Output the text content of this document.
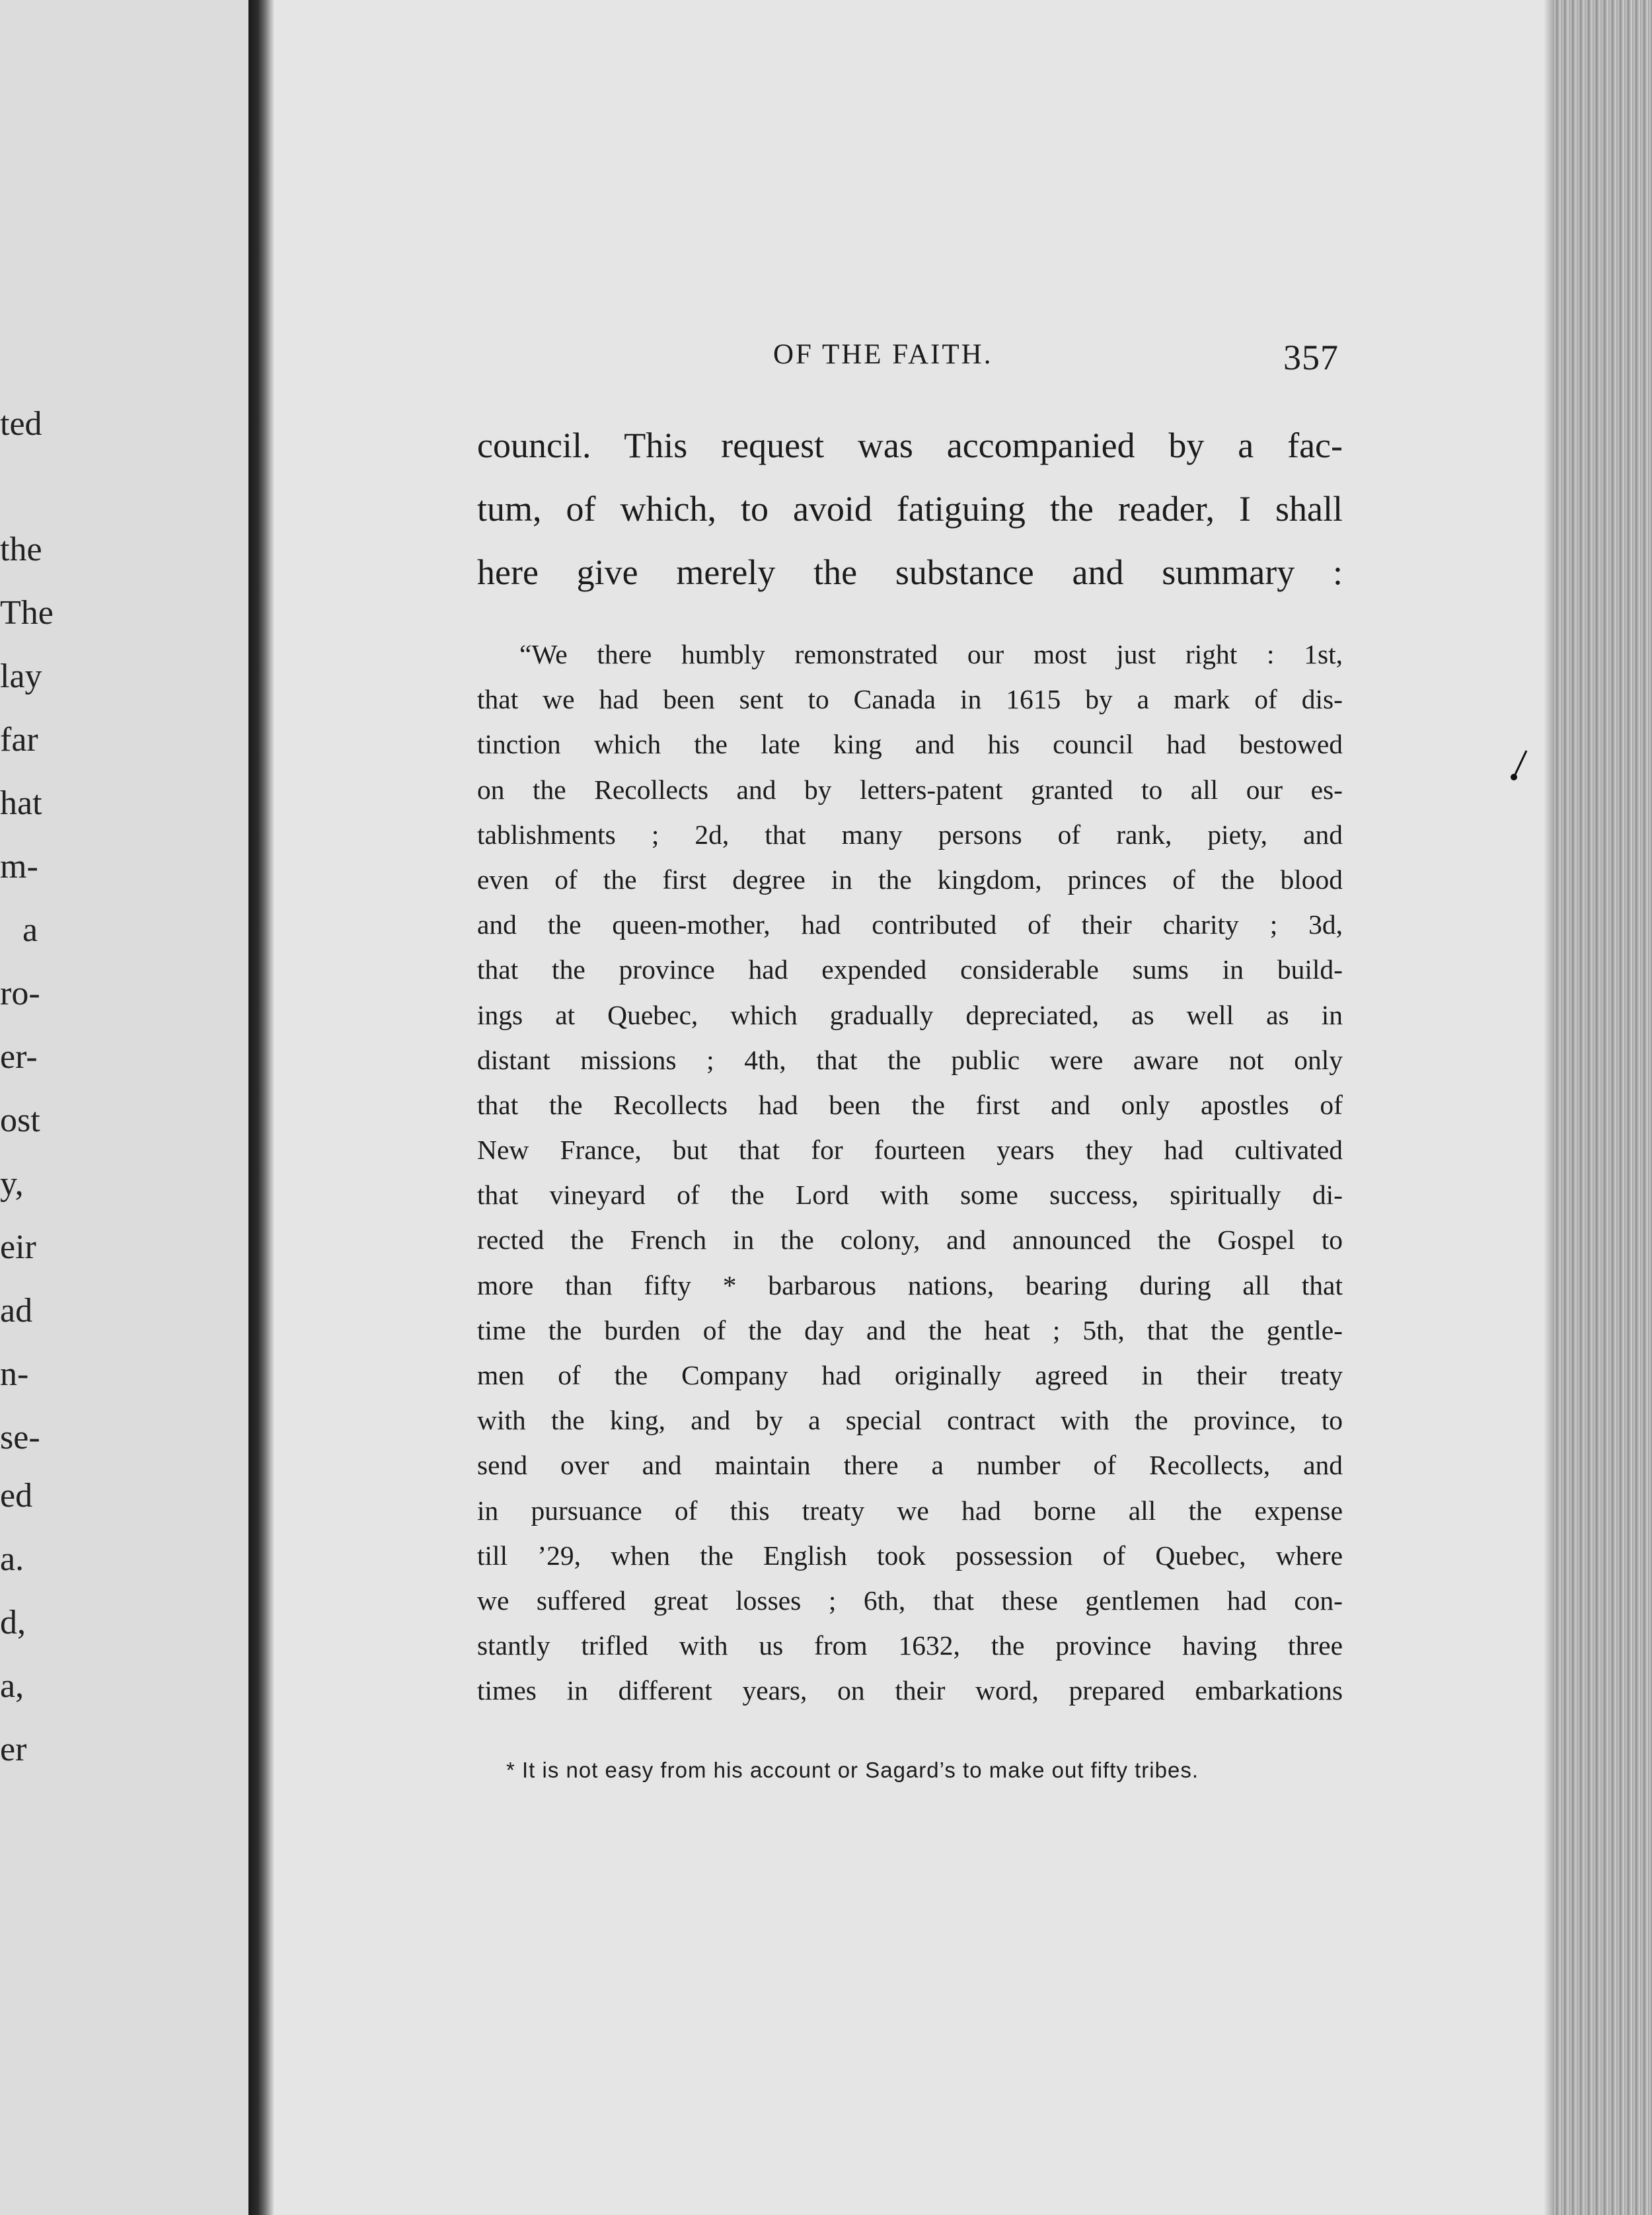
ted
the
The
lay
far
hat
m-
a
ro-
er-
ost
y,
eir
ad
n-
se-
ed
a.
d,
a,
er
OF THE FAITH.	357
council. This request was accompanied by a fac-
tum, of which, to avoid fatiguing the reader, I shall
here give merely the substance and summary :
“We there humbly remonstrated our most just right : 1st,
that we had been sent to Canada in 1615 by a mark of dis-
tinction which the late king and his council had bestowed
on the Recollects and by letters-patent granted to all our es-
tablishments ; 2d, that many persons of rank, piety, and
even of the first degree in the kingdom, princes of the blood
and the queen-mother, had contributed of their charity ; 3d,
that the province had expended considerable sums in build-
ings at Quebec, which gradually depreciated, as well as in
distant missions ; 4th, that the public were aware not only
that the Recollects had been the first and only apostles of
New France, but that for fourteen years they had cultivated
that vineyard of the Lord with some success, spiritually di-
rected the French in the colony, and announced the Gospel to
more than fifty * barbarous nations, bearing during all that
time the burden of the day and the heat ; 5th, that the gentle-
men of the Company had originally agreed in their treaty
with the king, and by a special contract with the province, to
send over and maintain there a number of Recollects, and
in pursuance of this treaty we had borne all the expense
till ’29, when the English took possession of Quebec, where
we suffered great losses ; 6th, that these gentlemen had con-
stantly trifled with us from 1632, the province having three
times in different years, on their word, prepared embarkations
* It is not easy from his account or Sagard’s to make out fifty tribes.
